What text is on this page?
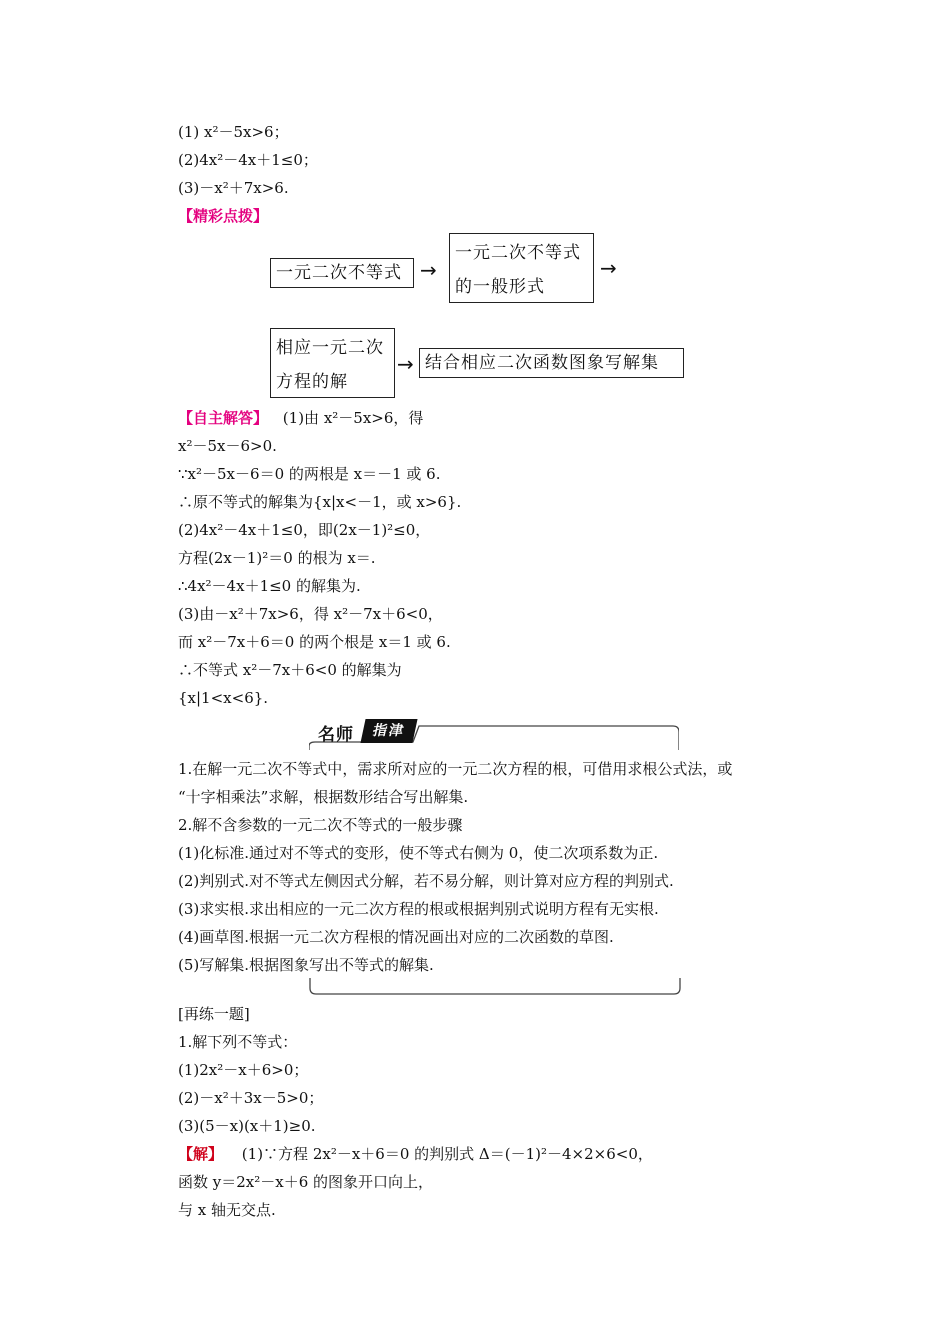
(1) x²－5x>6；
(2)4x²－4x＋1≤0；
(3)－x²＋7x>6.
【精彩点拨】
一元二次不等式 →
一元二次不等式
的一般形式
→
相应一元二次
方程的解
→ 结合相应二次函数图象写解集
【自主解答】 (1)由 x²－5x>6，得
x²－5x－6>0.
∵x²－5x－6＝0 的两根是 x＝－1 或 6.
∴原不等式的解集为{x|x<－1，或 x>6}.
(2)4x²－4x＋1≤0，即(2x－1)²≤0，
方程(2x－1)²＝0 的根为 x＝.
∴4x²－4x＋1≤0 的解集为.
(3)由－x²＋7x>6，得 x²－7x＋6<0，
而 x²－7x＋6＝0 的两个根是 x＝1 或 6.
∴不等式 x²－7x＋6<0 的解集为
{x|1<x<6}.
名师	指津
1.在解一元二次不等式中，需求所对应的一元二次方程的根，可借用求根公式法，或
“十字相乘法”求解，根据数形结合写出解集.
2.解不含参数的一元二次不等式的一般步骤
(1)化标准.通过对不等式的变形，使不等式右侧为 0，使二次项系数为正.
(2)判别式.对不等式左侧因式分解，若不易分解，则计算对应方程的判别式.
(3)求实根.求出相应的一元二次方程的根或根据判别式说明方程有无实根.
(4)画草图.根据一元二次方程根的情况画出对应的二次函数的草图.
(5)写解集.根据图象写出不等式的解集.
[再练一题]
1.解下列不等式：
(1)2x²－x＋6>0；
(2)－x²＋3x－5>0；
(3)(5－x)(x＋1)≥0.
【解】 (1)∵方程 2x²－x＋6＝0 的判别式 Δ＝(－1)²－4×2×6<0，
函数 y＝2x²－x＋6 的图象开口向上，
与 x 轴无交点.
